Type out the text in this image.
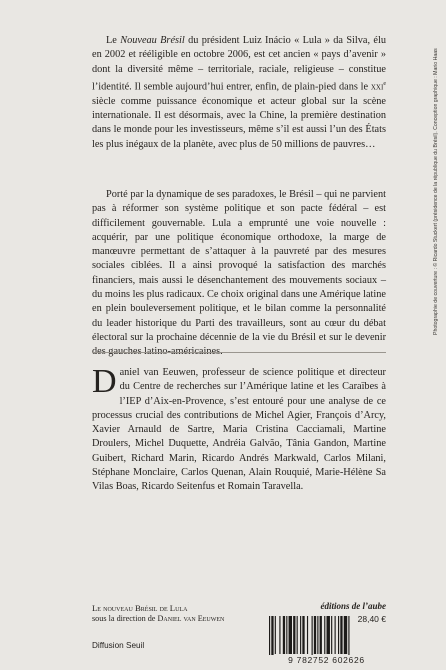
Le Nouveau Brésil du président Luiz Inácio « Lula » da Silva, élu en 2002 et rééligible en octobre 2006, est cet ancien « pays d’avenir » dont la diversité même – territoriale, raciale, religieuse – constitue l’identité. Il semble aujourd’hui entrer, enfin, de plain-pied dans le xxi$^e$ siècle comme puissance économique et acteur global sur la scène internationale. Il est désormais, avec la Chine, la première destination dans le monde pour les investisseurs, même s’il est aussi l’un des États les plus inégaux de la planète, avec plus de 50 millions de pauvres…

Porté par la dynamique de ses paradoxes, le Brésil – qui ne parvient pas à réformer son système politique et son pacte fédéral – est difficilement gouvernable. Lula a emprunté une voie nouvelle : acquérir, par une politique économique orthodoxe, la marge de manœuvre permettant de s’attaquer à la pauvreté par des mesures sociales ciblées. Il a ainsi provoqué la satisfaction des marchés financiers, mais aussi le désenchantement des mouvements sociaux – du moins les plus radicaux. Ce choix original dans une Amérique latine en plein bouleversement politique, et le bilan comme la personnalité du leader historique du Parti des travailleurs, sont au cœur du débat électoral sur la prochaine décennie de la vie du Brésil et sur le devenir des gauches latino-américaines.

Daniel van Eeuwen, professeur de science politique et directeur du Centre de recherches sur l’Amérique latine et les Caraïbes à l’IEP d’Aix-en-Provence, s’est entouré pour une analyse de ce processus crucial des contributions de Michel Agier, François d’Arcy, Xavier Arnauld de Sartre, Maria Cristina Cacciamali, Martine Droulers, Michel Duquette, Andréia Galvão, Tânia Gandon, Martine Guibert, Richard Marin, Ricardo Andrés Markwald, Carlos Milani, Stéphane Monclaire, Carlos Quenan, Alain Rouquié, Marie-Hélène Sa Vilas Boas, Ricardo Seitenfus et Romain Taravella.

Le nouveau Brésil de Lula
sous la direction de Daniel van Eeuwen
Diffusion Seuil
éditions de l’aube
28,40 €
9 782752 602626
Photographie de couverture : © Ricardo Stuckert (présidence de la république du Brésil). Conception graphique : Mario Haas
